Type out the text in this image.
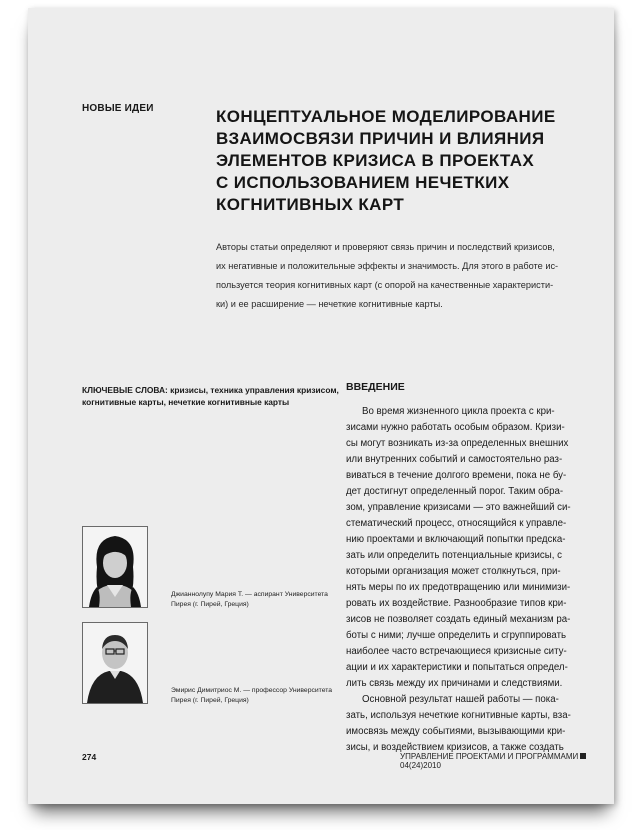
НОВЫЕ ИДЕИ	КОНЦЕПТУАЛЬНОЕ МОДЕЛИРОВАНИЕ
ВЗАИМОСВЯЗИ ПРИЧИН И ВЛИЯНИЯ
ЭЛЕМЕНТОВ КРИЗИСА В ПРОЕКТАХ
С ИСПОЛЬЗОВАНИЕМ НЕЧЕТКИХ
КОГНИТИВНЫХ КАРТ
Авторы статьи определяют и проверяют связь причин и последствий кризисов,
их негативные и положительные эффекты и значимость. Для этого в работе ис-
пользуется теория когнитивных карт (с опорой на качественные характеристи-
ки) и ее расширение — нечеткие когнитивные карты.
КЛЮЧЕВЫЕ СЛОВА: кризисы, техника управления кризисом,
когнитивные карты, нечеткие когнитивные карты
ВВЕДЕНИЕ
Во время жизненного цикла проекта с кри-
зисами нужно работать особым образом. Кризи-
сы могут возникать из-за определенных внешних
или внутренних событий и самостоятельно раз-
виваться в течение долгого времени, пока не бу-
дет достигнут определенный порог. Таким обра-
зом, управление кризисами — это важнейший си-
стематический процесс, относящийся к управле-
нию проектами и включающий попытки предска-
зать или определить потенциальные кризисы, с
которыми организация может столкнуться, при-
нять меры по их предотвращению или минимизи-
ровать их воздействие. Разнообразие типов кри-
зисов не позволяет создать единый механизм ра-
боты с ними; лучше определить и сгруппировать
наиболее часто встречающиеся кризисные ситу-
ации и их характеристики и попытаться определ-
лить связь между их причинами и следствиями.
Основной результат нашей работы — пока-
зать, используя нечеткие когнитивные карты, вза-
имосвязь между событиями, вызывающими кри-
зисы, и воздействием кризисов, а также создать
Джианнолупу Мария Т. — аспирант Университета
Пирея (г. Пирей, Греция)
Эмирис Димитриос М. — профессор Университета
Пирея (г. Пирей, Греция)
274	УПРАВЛЕНИЕ ПРОЕКТАМИ И ПРОГРАММАМИ04(24)2010
